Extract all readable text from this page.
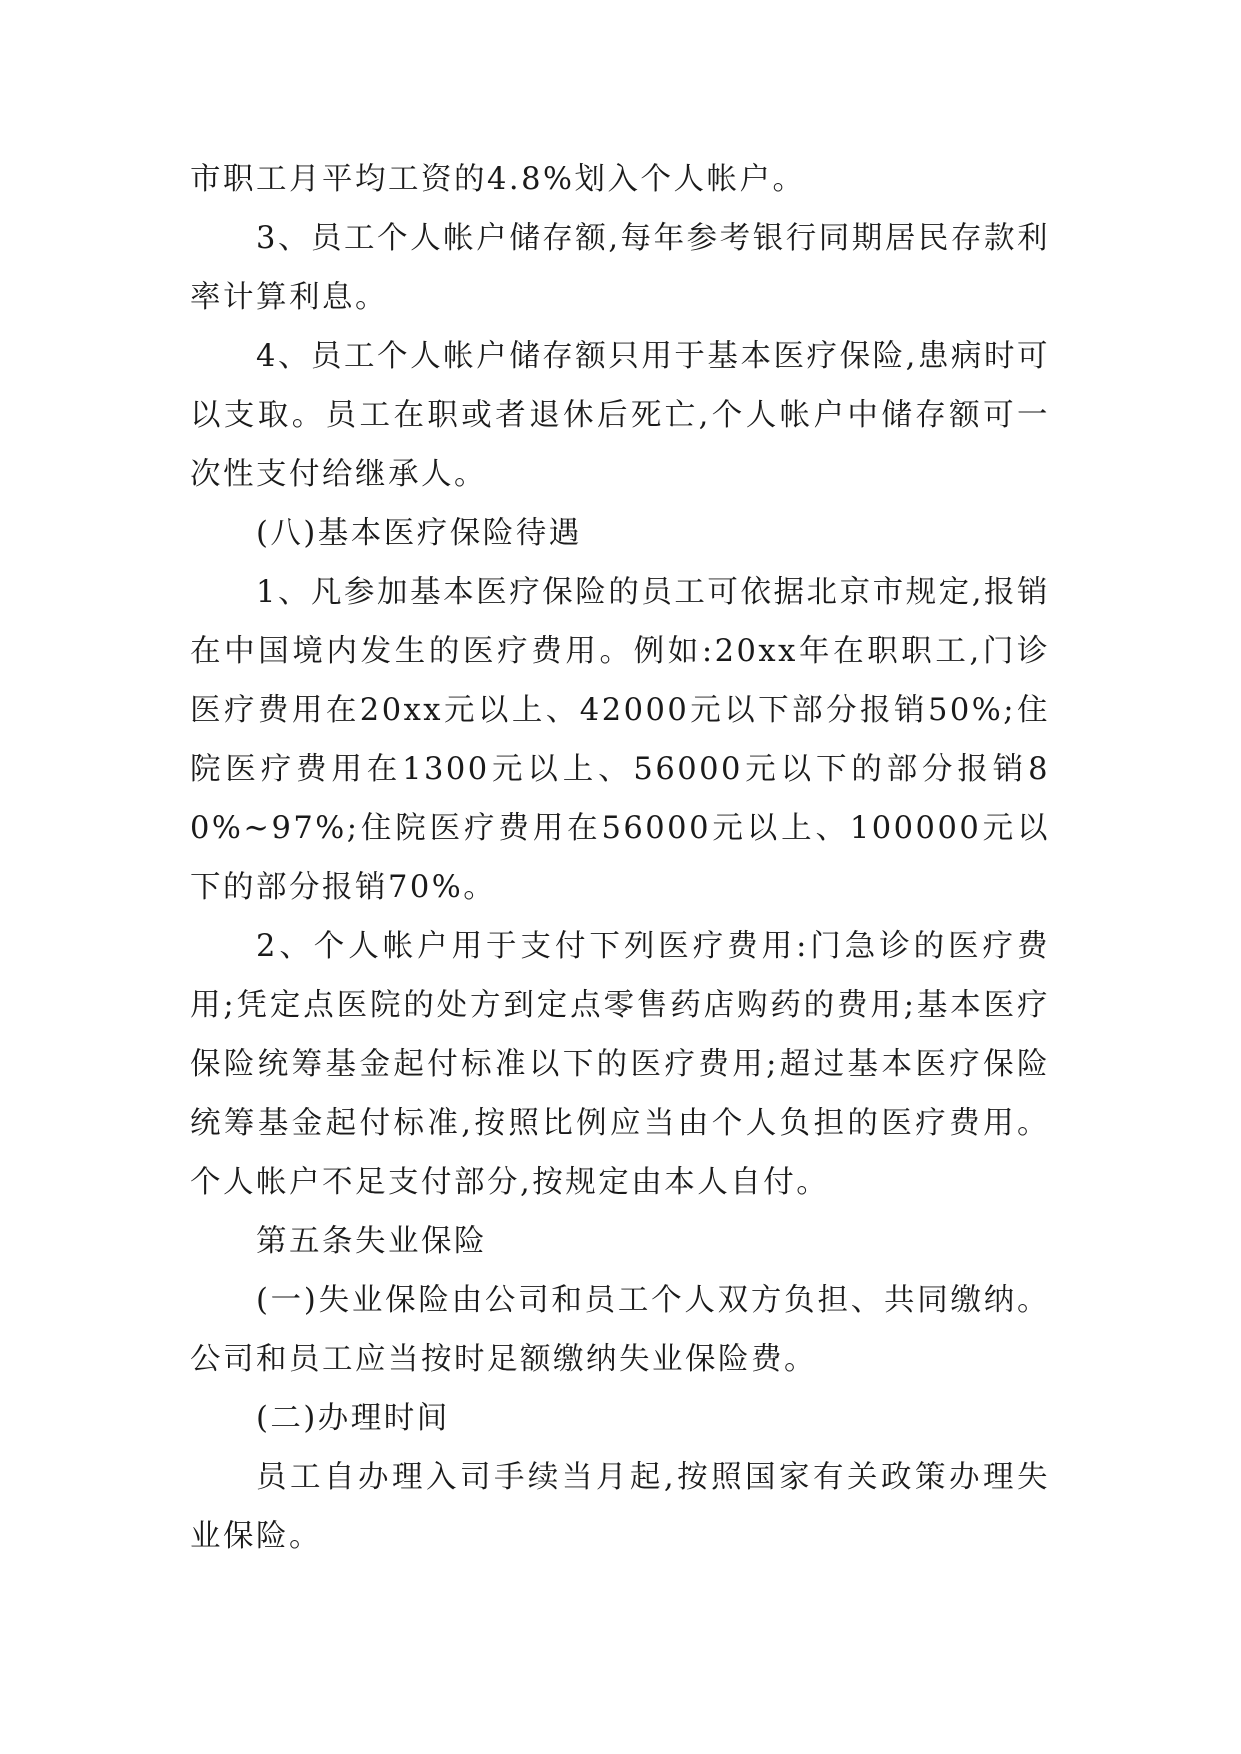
市职工月平均工资的4.8%划入个人帐户。

3、员工个人帐户储存额,每年参考银行同期居民存款利率计算利息。

4、员工个人帐户储存额只用于基本医疗保险,患病时可以支取。员工在职或者退休后死亡,个人帐户中储存额可一次性支付给继承人。

(八)基本医疗保险待遇

1、凡参加基本医疗保险的员工可依据北京市规定,报销在中国境内发生的医疗费用。例如:20xx年在职职工,门诊医疗费用在20xx元以上、42000元以下部分报销50%;住院医疗费用在1300元以上、56000元以下的部分报销80%~97%;住院医疗费用在56000元以上、100000元以下的部分报销70%。

2、个人帐户用于支付下列医疗费用:门急诊的医疗费用;凭定点医院的处方到定点零售药店购药的费用;基本医疗保险统筹基金起付标准以下的医疗费用;超过基本医疗保险统筹基金起付标准,按照比例应当由个人负担的医疗费用。个人帐户不足支付部分,按规定由本人自付。

第五条失业保险

(一)失业保险由公司和员工个人双方负担、共同缴纳。公司和员工应当按时足额缴纳失业保险费。

(二)办理时间

员工自办理入司手续当月起,按照国家有关政策办理失业保险。
